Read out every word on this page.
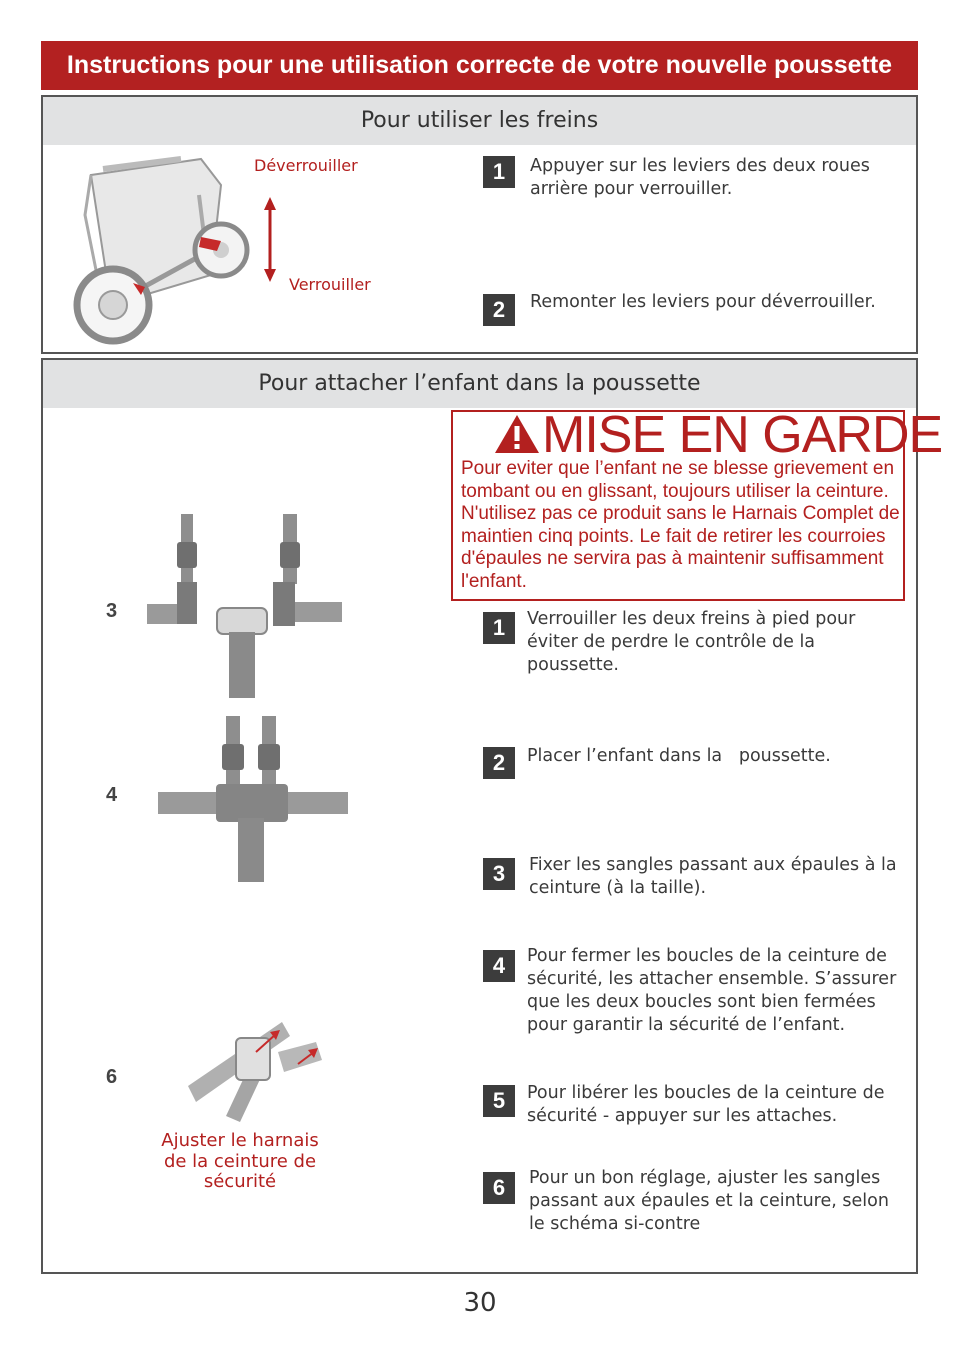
Instructions pour une utilisation correcte de votre nouvelle poussette
Pour utiliser les freins
Déverrouiller
Verrouiller
1	Appuyer sur les leviers des deux roues arrière pour verrouiller.
2	Remonter les leviers pour déverrouiller.
Pour attacher l’enfant dans la poussette
MISE EN GARDE
Pour eviter que l’enfant ne se blesse grievement en tombant ou en glissant, toujours utiliser la ceinture. N'utilisez pas ce produit sans le Harnais Complet de maintien cinq points. Le fait de retirer les courroies d'épaules ne servira pas à maintenir suffisamment l'enfant.
3
4
6
Ajuster le harnais de la ceinture de sécurité
1	Verrouiller les deux freins à pied pour éviter de perdre le contrôle de la poussette.
2	Placer l’enfant dans la   poussette.
3	Fixer les sangles passant aux épaules à la ceinture (à la taille).
4	Pour fermer les boucles de la ceinture de sécurité, les attacher ensemble. S’assurer que les deux boucles sont bien fermées pour garantir la sécurité de l’enfant.
5	Pour libérer les boucles de la ceinture de sécurité - appuyer sur les attaches.
6	Pour un bon réglage, ajuster les sangles passant aux épaules et la ceinture, selon le schéma si-contre
30
